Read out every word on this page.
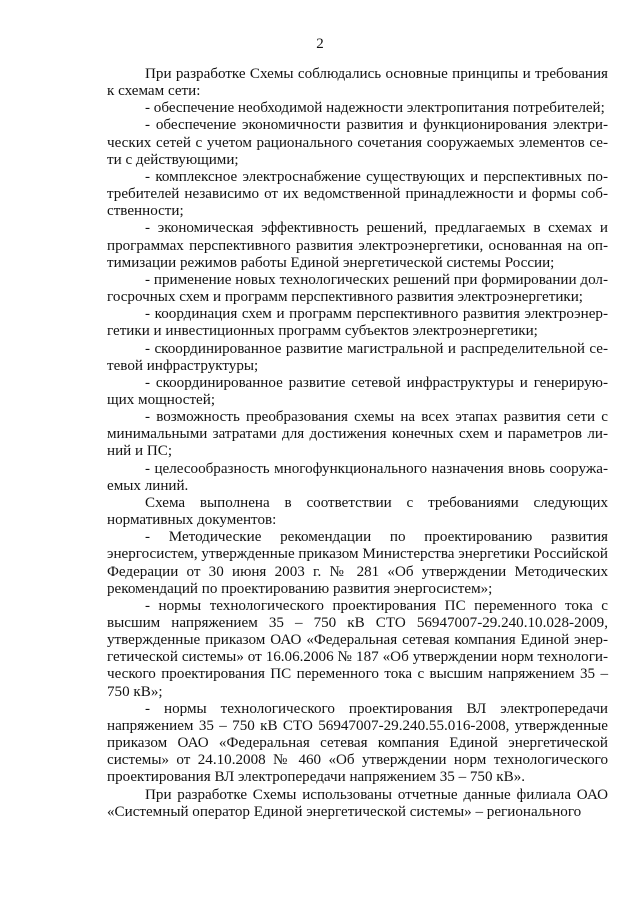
2

При разработке Схемы соблюдались основные принципы и требования к схемам сети:

- обеспечение необходимой надежности электропитания потребителей;

- обеспечение экономичности развития и функционирования электрических сетей с учетом рационального сочетания сооружаемых элементов сети с действующими;

- комплексное электроснабжение существующих и перспективных потребителей независимо от их ведомственной принадлежности и формы собственности;

- экономическая эффективность решений, предлагаемых в схемах и программах перспективного развития электроэнергетики, основанная на оптимизации режимов работы Единой энергетической системы России;

- применение новых технологических решений при формировании долгосрочных схем и программ перспективного развития электроэнергетики;

- координация схем и программ перспективного развития электроэнергетики и инвестиционных программ субъектов электроэнергетики;

- скоординированное развитие магистральной и распределительной сетевой инфраструктуры;

- скоординированное развитие сетевой инфраструктуры и генерирующих мощностей;

- возможность преобразования схемы на всех этапах развития сети с минимальными затратами для достижения конечных схем и параметров линий и ПС;

- целесообразность многофункционального назначения вновь сооружаемых линий.

Схема выполнена в соответствии с требованиями следующих нормативных документов:

- Методические рекомендации по проектированию развития энергосистем, утвержденные приказом Министерства энергетики Российской Федерации от 30 июня 2003 г. № 281 «Об утверждении Методических рекомендаций по проектированию развития энергосистем»;

- нормы технологического проектирования ПС переменного тока с высшим напряжением 35 – 750 кВ СТО 56947007-29.240.10.028-2009, утвержденные приказом ОАО «Федеральная сетевая компания Единой энергетической системы» от 16.06.2006 № 187 «Об утверждении норм технологического проектирования ПС переменного тока с высшим напряжением 35 – 750 кВ»;

- нормы технологического проектирования ВЛ электропередачи напряжением 35 – 750 кВ СТО 56947007-29.240.55.016-2008, утвержденные приказом ОАО «Федеральная сетевая компания Единой энергетической системы» от 24.10.2008 № 460 «Об утверждении норм технологического проектирования ВЛ электропередачи напряжением 35 – 750 кВ».

При разработке Схемы использованы отчетные данные филиала ОАО «Системный оператор Единой энергетической системы» – регионального
